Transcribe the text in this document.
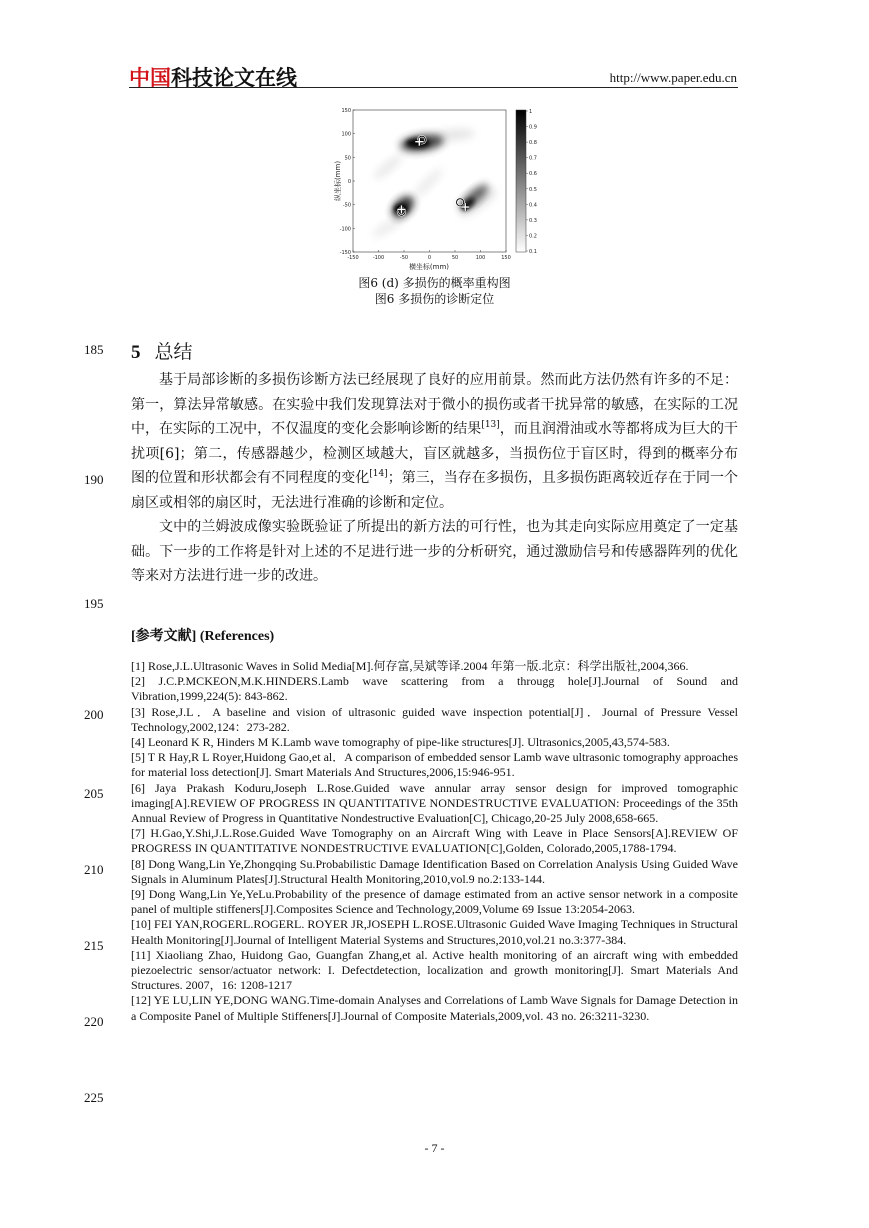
中国科技论文在线	http://www.paper.edu.cn
-150	-100	-50	0	50	100	150
150
100
50
0
-50
-100
-150
1
0.9
0.8
0.7
0.6
0.5
0.4
0.3
0.2
0.1
纵坐标(mm)
横坐标(mm)
图6 (d) 多损伤的概率重构图
图6 多损伤的诊断定位
185
190
195
200
205
210
215
220
225
5 总结
基于局部诊断的多损伤诊断方法已经展现了良好的应用前景。然而此方法仍然有许多的不足：第一，算法异常敏感。在实验中我们发现算法对于微小的损伤或者干扰异常的敏感，在实际的工况中，在实际的工况中，不仅温度的变化会影响诊断的结果[13]，而且润滑油或水等都将成为巨大的干扰项[6]；第二，传感器越少，检测区域越大，盲区就越多，当损伤位于盲区时，得到的概率分布图的位置和形状都会有不同程度的变化[14]；第三，当存在多损伤，且多损伤距离较近存在于同一个扇区或相邻的扇区时，无法进行准确的诊断和定位。
文中的兰姆波成像实验既验证了所提出的新方法的可行性，也为其走向实际应用奠定了一定基础。下一步的工作将是针对上述的不足进行进一步的分析研究，通过激励信号和传感器阵列的优化等来对方法进行进一步的改进。
[参考文献] (References)

[1] Rose,J.L.Ultrasonic Waves in Solid Media[M].何存富,吴斌等译.2004 年第一版.北京：科学出版社,2004,366.

[2] J.C.P.MCKEON,M.K.HINDERS.Lamb wave scattering from a througg hole[J].Journal of Sound and Vibration,1999,224(5): 843-862.

[3] Rose,J.L．A baseline and vision of ultrasonic guided wave inspection potential[J]．Journal of Pressure Vessel Technology,2002,124：273-282.

[4] Leonard K R, Hinders M K.Lamb wave tomography of pipe-like structures[J]. Ultrasonics,2005,43,574-583.

[5] T R Hay,R L Royer,Huidong Gao,et al．A comparison of embedded sensor Lamb wave ultrasonic tomography approaches for material loss detection[J]. Smart Materials And Structures,2006,15:946-951.

[6] Jaya Prakash Koduru,Joseph L.Rose.Guided wave annular array sensor design for improved tomographic imaging[A].REVIEW OF PROGRESS IN QUANTITATIVE NONDESTRUCTIVE EVALUATION: Proceedings of the 35th Annual Review of Progress in Quantitative Nondestructive Evaluation[C], Chicago,20-25 July 2008,658-665.

[7] H.Gao,Y.Shi,J.L.Rose.Guided Wave Tomography on an Aircraft Wing with Leave in Place Sensors[A].REVIEW OF PROGRESS IN QUANTITATIVE NONDESTRUCTIVE EVALUATION[C],Golden, Colorado,2005,1788-1794.

[8] Dong Wang,Lin Ye,Zhongqing Su.Probabilistic Damage Identification Based on Correlation Analysis Using Guided Wave Signals in Aluminum Plates[J].Structural Health Monitoring,2010,vol.9 no.2:133-144.

[9] Dong Wang,Lin Ye,YeLu.Probability of the presence of damage estimated from an active sensor network in a composite panel of multiple stiffeners[J].Composites Science and Technology,2009,Volume 69 Issue 13:2054-2063.

[10] FEI YAN,ROGERL.ROGERL. ROYER JR,JOSEPH L.ROSE.Ultrasonic Guided Wave Imaging Techniques in Structural Health Monitoring[J].Journal of Intelligent Material Systems and Structures,2010,vol.21 no.3:377-384.

[11] Xiaoliang Zhao, Huidong Gao, Guangfan Zhang,et al. Active health monitoring of an aircraft wing with embedded piezoelectric sensor/actuator network: I. Defectdetection, localization and growth monitoring[J]. Smart Materials And Structures. 2007，16: 1208-1217

[12] YE LU,LIN YE,DONG WANG.Time-domain Analyses and Correlations of Lamb Wave Signals for Damage Detection in a Composite Panel of Multiple Stiffeners[J].Journal of Composite Materials,2009,vol. 43 no. 26:3211-3230.

- 7 -
